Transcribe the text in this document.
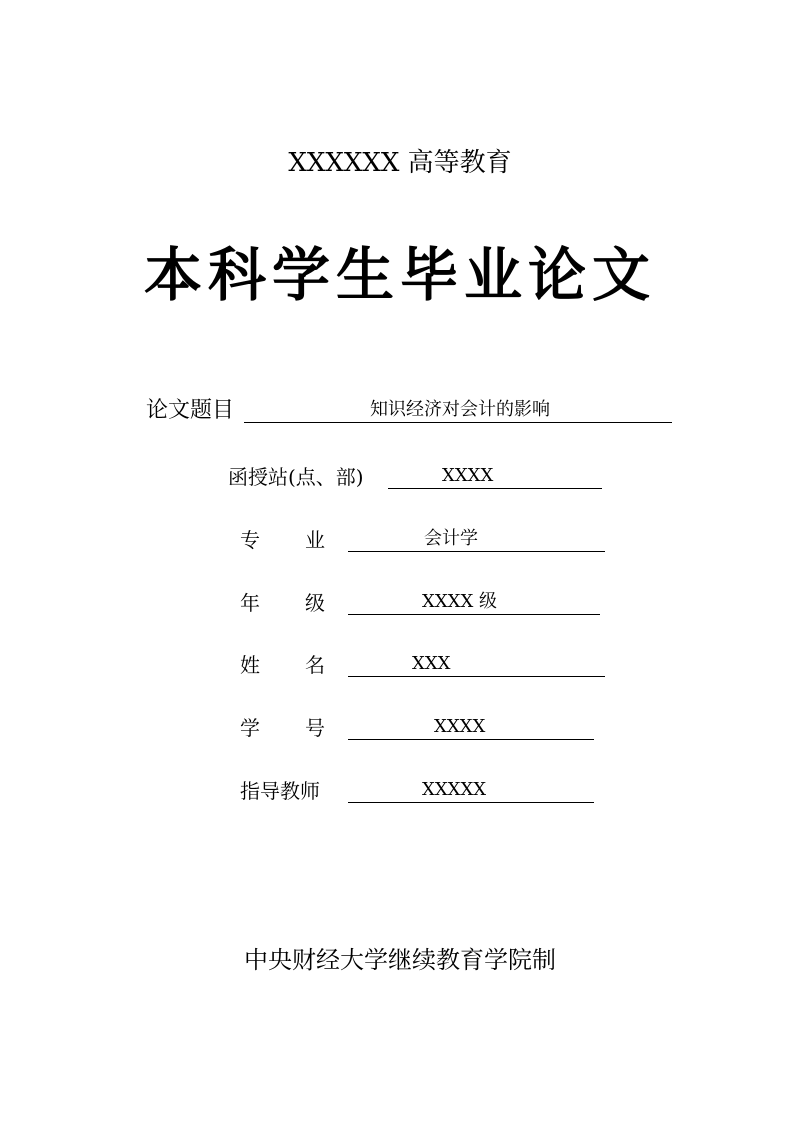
XXXXXX 高等教育
本科学生毕业论文
论文题目	知识经济对会计的影响
函授站(点、部)	XXXX
专 业	会计学
年 级	XXXX 级
姓 名	XXX
学 号	XXXX
指导教师	XXXXX
中央财经大学继续教育学院制
